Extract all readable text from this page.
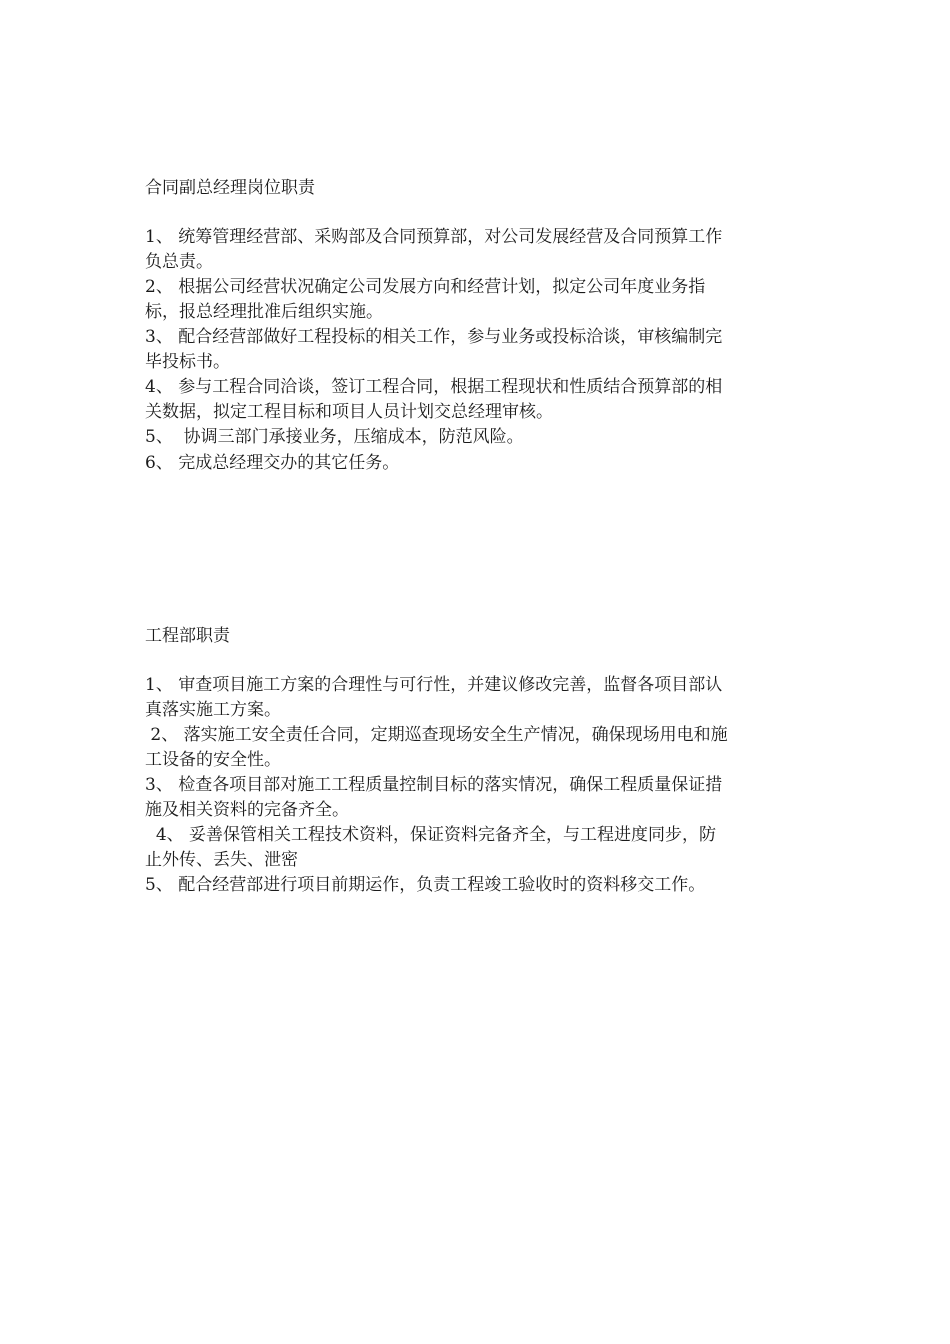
合同副总经理岗位职责
1、 统筹管理经营部、采购部及合同预算部，对公司发展经营及合同预算工作负总责。
2、 根据公司经营状况确定公司发展方向和经营计划，拟定公司年度业务指标，报总经理批准后组织实施。
3、 配合经营部做好工程投标的相关工作，参与业务或投标洽谈，审核编制完毕投标书。
4、 参与工程合同洽谈，签订工程合同，根据工程现状和性质结合预算部的相关数据，拟定工程目标和项目人员计划交总经理审核。
5、  协调三部门承接业务，压缩成本，防范风险。
6、 完成总经理交办的其它任务。
工程部职责
1、 审查项目施工方案的合理性与可行性，并建议修改完善，监督各项目部认真落实施工方案。
2、 落实施工安全责任合同，定期巡查现场安全生产情况，确保现场用电和施工设备的安全性。
3、 检查各项目部对施工工程质量控制目标的落实情况，确保工程质量保证措施及相关资料的完备齐全。
4、 妥善保管相关工程技术资料，保证资料完备齐全，与工程进度同步，防止外传、丢失、泄密
5、 配合经营部进行项目前期运作，负责工程竣工验收时的资料移交工作。
